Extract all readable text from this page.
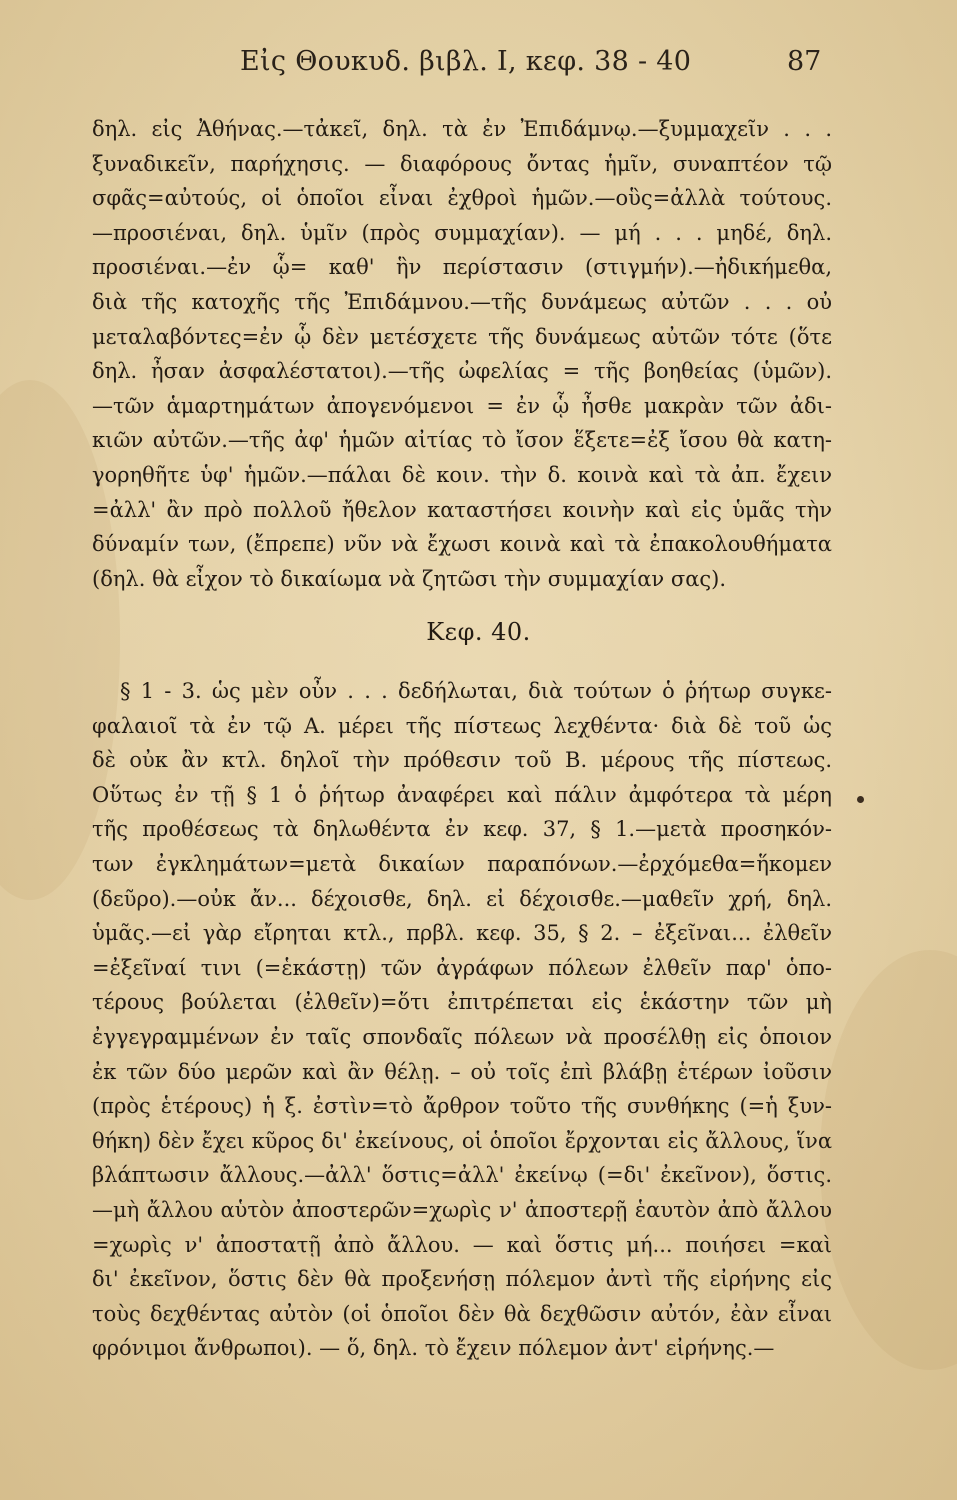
Εἰς Θουκυδ. βιβλ. I, κεφ. 38 - 40	87
δηλ. εἰς Ἀθήνας.—τἀκεῖ, δηλ. τὰ ἐν Ἐπιδάμνῳ.—ξυμμαχεῖν . . .
ξυναδικεῖν, παρήχησις. — διαφόρους ὄντας ἡμῖν, συναπτέον τῷ
σφᾶς=αὐτούς, οἱ ὁποῖοι εἶναι ἐχθροὶ ἡμῶν.—οὓς=ἀλλὰ τούτους.
—προσιέναι, δηλ. ὑμῖν (πρὸς συμμαχίαν). — μή . . . μηδέ, δηλ.
προσιέναι.—ἐν ᾧ= καθ' ἣν περίστασιν (στιγμήν).—ἠδικήμεθα,
διὰ τῆς κατοχῆς τῆς Ἐπιδάμνου.—τῆς δυνάμεως αὐτῶν . . . οὐ
μεταλαβόντες=ἐν ᾧ δὲν μετέσχετε τῆς δυνάμεως αὐτῶν τότε (ὅτε
δηλ. ἦσαν ἀσφαλέστατοι).—τῆς ὠφελίας = τῆς βοηθείας (ὑμῶν).
—τῶν ἁμαρτημάτων ἀπογενόμενοι = ἐν ᾧ ἦσθε μακρὰν τῶν ἀδι-
κιῶν αὐτῶν.—τῆς ἀφ' ἡμῶν αἰτίας τὸ ἴσον ἕξετε=ἐξ ἴσου θὰ κατη-
γορηθῆτε ὑφ' ἡμῶν.—πάλαι δὲ κοιν. τὴν δ. κοινὰ καὶ τὰ ἀπ. ἔχειν
=ἀλλ' ἂν πρὸ πολλοῦ ἤθελον καταστήσει κοινὴν καὶ εἰς ὑμᾶς τὴν
δύναμίν των, (ἔπρεπε) νῦν νὰ ἔχωσι κοινὰ καὶ τὰ ἐπακολουθήματα
(δηλ. θὰ εἶχον τὸ δικαίωμα νὰ ζητῶσι τὴν συμμαχίαν σας).
Κεφ. 40.
§ 1 - 3. ὡς μὲν οὖν . . . δεδήλωται, διὰ τούτων ὁ ῥήτωρ συγκε-
φαλαιοῖ τὰ ἐν τῷ Α. μέρει τῆς πίστεως λεχθέντα· διὰ δὲ τοῦ ὡς
δὲ οὐκ ἂν κτλ. δηλοῖ τὴν πρόθεσιν τοῦ Β. μέρους τῆς πίστεως.
Οὕτως ἐν τῇ § 1 ὁ ῥήτωρ ἀναφέρει καὶ πάλιν ἀμφότερα τὰ μέρη
τῆς προθέσεως τὰ δηλωθέντα ἐν κεφ. 37, § 1.—μετὰ προσηκόν-
των ἐγκλημάτων=μετὰ δικαίων παραπόνων.—ἐρχόμεθα=ἥκομεν
(δεῦρο).—οὐκ ἄν... δέχοισθε, δηλ. εἰ δέχοισθε.—μαθεῖν χρή, δηλ.
ὑμᾶς.—εἰ γὰρ εἴρηται κτλ., πρβλ. κεφ. 35, § 2. – ἐξεῖναι... ἐλθεῖν
=ἐξεῖναί τινι (=ἑκάστῃ) τῶν ἀγράφων πόλεων ἐλθεῖν παρ' ὁπο-
τέρους βούλεται (ἐλθεῖν)=ὅτι ἐπιτρέπεται εἰς ἑκάστην τῶν μὴ
ἐγγεγραμμένων ἐν ταῖς σπονδαῖς πόλεων νὰ προσέλθῃ εἰς ὁποιον
ἐκ τῶν δύο μερῶν καὶ ἂν θέλῃ. – οὐ τοῖς ἐπὶ βλάβῃ ἑτέρων ἰοῦσιν
(πρὸς ἑτέρους) ἡ ξ. ἐστὶν=τὸ ἄρθρον τοῦτο τῆς συνθήκης (=ἡ ξυν-
θήκη) δὲν ἔχει κῦρος δι' ἐκείνους, οἱ ὁποῖοι ἔρχονται εἰς ἄλλους, ἵνα
βλάπτωσιν ἄλλους.—ἀλλ' ὅστις=ἀλλ' ἐκείνῳ (=δι' ἐκεῖνον), ὅστις.
—μὴ ἄλλου αὑτὸν ἀποστερῶν=χωρὶς ν' ἀποστερῇ ἑαυτὸν ἀπὸ ἄλλου
=χωρὶς ν' ἀποστατῇ ἀπὸ ἄλλου. — καὶ ὅστις μή... ποιήσει =καὶ
δι' ἐκεῖνον, ὅστις δὲν θὰ προξενήσῃ πόλεμον ἀντὶ τῆς εἰρήνης εἰς
τοὺς δεχθέντας αὐτὸν (οἱ ὁποῖοι δὲν θὰ δεχθῶσιν αὐτόν, ἐὰν εἶναι
φρόνιμοι ἄνθρωποι). — ὅ, δηλ. τὸ ἔχειν πόλεμον ἀντ' εἰρήνης.—
